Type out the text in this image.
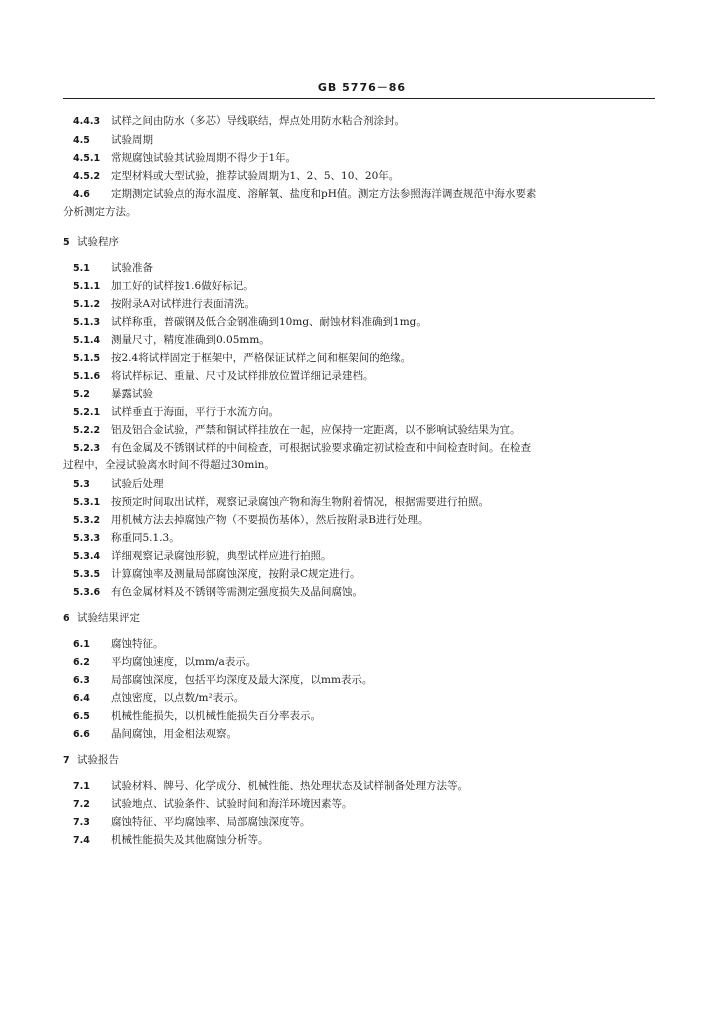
GB 5776－86
4.4.3 试样之间由防水（多芯）导线联结，焊点处用防水粘合剂涂封。
4.5 试验周期
4.5.1 常规腐蚀试验其试验周期不得少于1年。
4.5.2 定型材料或大型试验，推荐试验周期为1、2、5、10、20年。
4.6 定期测定试验点的海水温度、溶解氧、盐度和pH值。测定方法参照海洋调查规范中海水要素
分析测定方法。
5 试验程序
5.1 试验准备
5.1.1 加工好的试样按1.6做好标记。
5.1.2 按附录A对试样进行表面清洗。
5.1.3 试样称重，普碳钢及低合金钢准确到10mg、耐蚀材料准确到1mg。
5.1.4 测量尺寸，精度准确到0.05mm。
5.1.5 按2.4将试样固定于框架中，严格保证试样之间和框架间的绝缘。
5.1.6 将试样标记、重量、尺寸及试样排放位置详细记录建档。
5.2 暴露试验
5.2.1 试样垂直于海面，平行于水流方向。
5.2.2 铝及铝合金试验，严禁和铜试样挂放在一起，应保持一定距离，以不影响试验结果为宜。
5.2.3 有色金属及不锈钢试样的中间检查，可根据试验要求确定初试检查和中间检查时间。在检查
过程中，全浸试验离水时间不得超过30min。
5.3 试验后处理
5.3.1 按预定时间取出试样，观察记录腐蚀产物和海生物附着情况，根据需要进行拍照。
5.3.2 用机械方法去掉腐蚀产物（不要损伤基体），然后按附录B进行处理。
5.3.3 称重同5.1.3。
5.3.4 详细观察记录腐蚀形貌，典型试样应进行拍照。
5.3.5 计算腐蚀率及测量局部腐蚀深度，按附录C规定进行。
5.3.6 有色金属材料及不锈钢等需测定强度损失及晶间腐蚀。
6 试验结果评定
6.1 腐蚀特征。
6.2 平均腐蚀速度，以mm/a表示。
6.3 局部腐蚀深度，包括平均深度及最大深度，以mm表示。
6.4 点蚀密度，以点数/m²表示。
6.5 机械性能损失，以机械性能损失百分率表示。
6.6 晶间腐蚀，用金相法观察。
7 试验报告
7.1 试验材料、牌号、化学成分、机械性能、热处理状态及试样制备处理方法等。
7.2 试验地点、试验条件、试验时间和海洋环境因素等。
7.3 腐蚀特征、平均腐蚀率、局部腐蚀深度等。
7.4 机械性能损失及其他腐蚀分析等。
